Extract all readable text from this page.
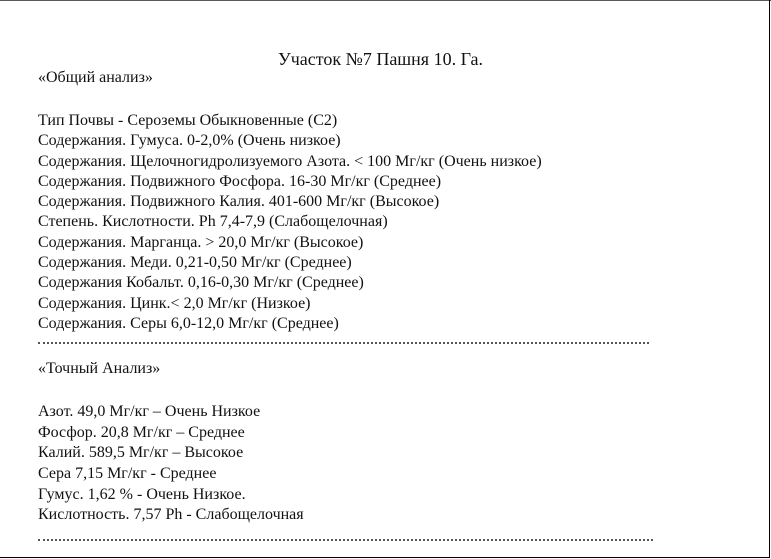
Участок №7 Пашня 10. Га.
«Общий анализ»
Тип Почвы - Сероземы Обыкновенные (С2)
Содержания. Гумуса. 0-2,0% (Очень низкое)
Содержания. Щелочногидролизуемого Азота. < 100 Мг/кг (Очень низкое)
Содержания. Подвижного Фосфора. 16-30 Мг/кг (Среднее)
Содержания. Подвижного Калия. 401-600 Мг/кг (Высокое)
Степень. Кислотности. Ph 7,4-7,9 (Слабощелочная)
Содержания. Марганца. > 20,0 Мг/кг (Высокое)
Содержания. Меди. 0,21-0,50 Мг/кг (Среднее)
Содержания Кобальт. 0,16-0,30 Мг/кг (Среднее)
Содержания. Цинк.< 2,0 Мг/кг (Низкое)
Содержания. Серы 6,0-12,0 Мг/кг (Среднее)
«Точный Анализ»
Азот. 49,0 Мг/кг – Очень Низкое
Фосфор. 20,8 Мг/кг – Среднее
Калий. 589,5 Мг/кг – Высокое
Сера 7,15 Мг/кг - Среднее
Гумус. 1,62 % - Очень Низкое.
Кислотность. 7,57 Ph - Слабощелочная
